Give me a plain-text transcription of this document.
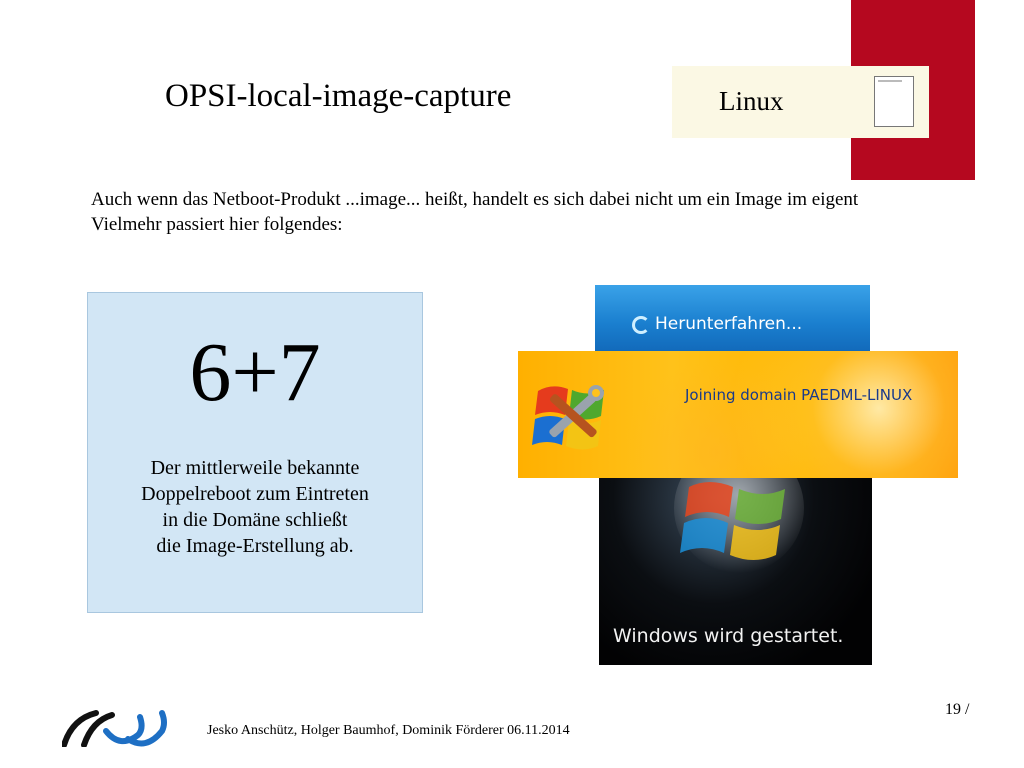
Linux
OPSI-local-image-capture
Auch wenn das Netboot-Produkt ...image... heißt, handelt es sich dabei nicht um ein Image im eigent
Vielmehr passiert hier folgendes:
6+7
Der mittlerweile bekannte
Doppelreboot zum Eintreten
in die Domäne schließt
die Image-Erstellung ab.
Windows wird gestartet.
Herunterfahren...
Joining domain PAEDML-LINUX
19 /
Jesko Anschütz, Holger Baumhof, Dominik Förderer 06.11.2014
